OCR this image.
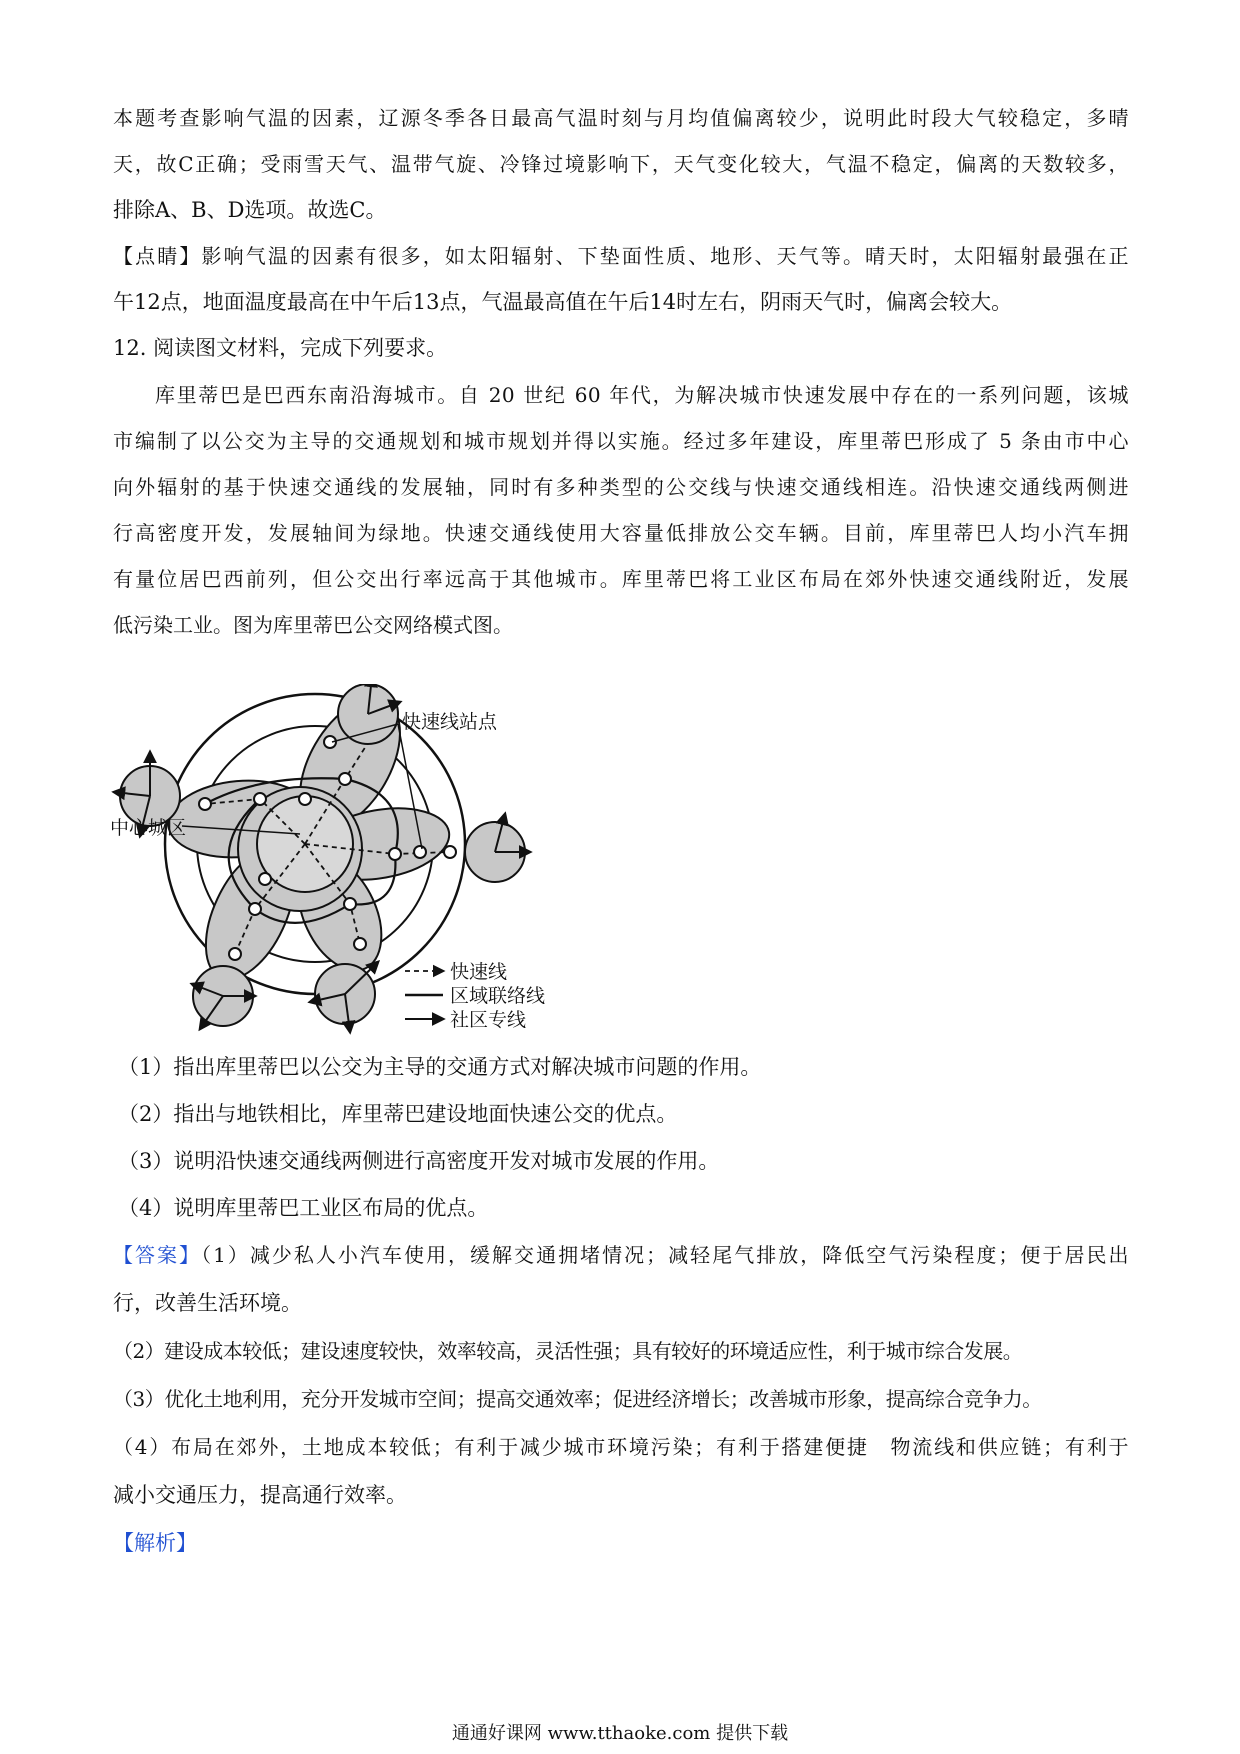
本题考查影响气温的因素，辽源冬季各日最高气温时刻与月均值偏离较少，说明此时段大气较稳定，多晴
天，故C正确；受雨雪天气、温带气旋、冷锋过境影响下，天气变化较大，气温不稳定，偏离的天数较多，
排除A、B、D选项。故选C。
【点睛】影响气温的因素有很多，如太阳辐射、下垫面性质、地形、天气等。晴天时，太阳辐射最强在正
午12点，地面温度最高在中午后13点，气温最高值在午后14时左右，阴雨天气时，偏离会较大。
12. 阅读图文材料，完成下列要求。
库里蒂巴是巴西东南沿海城市。自 20 世纪 60 年代，为解决城市快速发展中存在的一系列问题，该城
市编制了以公交为主导的交通规划和城市规划并得以实施。经过多年建设，库里蒂巴形成了 5 条由市中心
向外辐射的基于快速交通线的发展轴，同时有多种类型的公交线与快速交通线相连。沿快速交通线两侧进
行高密度开发，发展轴间为绿地。快速交通线使用大容量低排放公交车辆。目前，库里蒂巴人均小汽车拥
有量位居巴西前列，但公交出行率远高于其他城市。库里蒂巴将工业区布局在郊外快速交通线附近，发展
低污染工业。图为库里蒂巴公交网络模式图。
快速线站点
中心城区
快速线
区域联络线
社区专线
（1）指出库里蒂巴以公交为主导的交通方式对解决城市问题的作用。
（2）指出与地铁相比，库里蒂巴建设地面快速公交的优点。
（3）说明沿快速交通线两侧进行高密度开发对城市发展的作用。
（4）说明库里蒂巴工业区布局的优点。
【答案】（1）减少私人小汽车使用，缓解交通拥堵情况；减轻尾气排放，降低空气污染程度；便于居民出
行，改善生活环境。
（2）建设成本较低；建设速度较快，效率较高，灵活性强；具有较好的环境适应性，利于城市综合发展。
（3）优化土地利用，充分开发城市空间；提高交通效率；促进经济增长；改善城市形象，提高综合竞争力。
（4）布局在郊外，土地成本较低；有利于减少城市环境污染；有利于搭建便捷　物流线和供应链；有利于
减小交通压力，提高通行效率。
【解析】
通通好课网 www.tthaoke.com 提供下载
